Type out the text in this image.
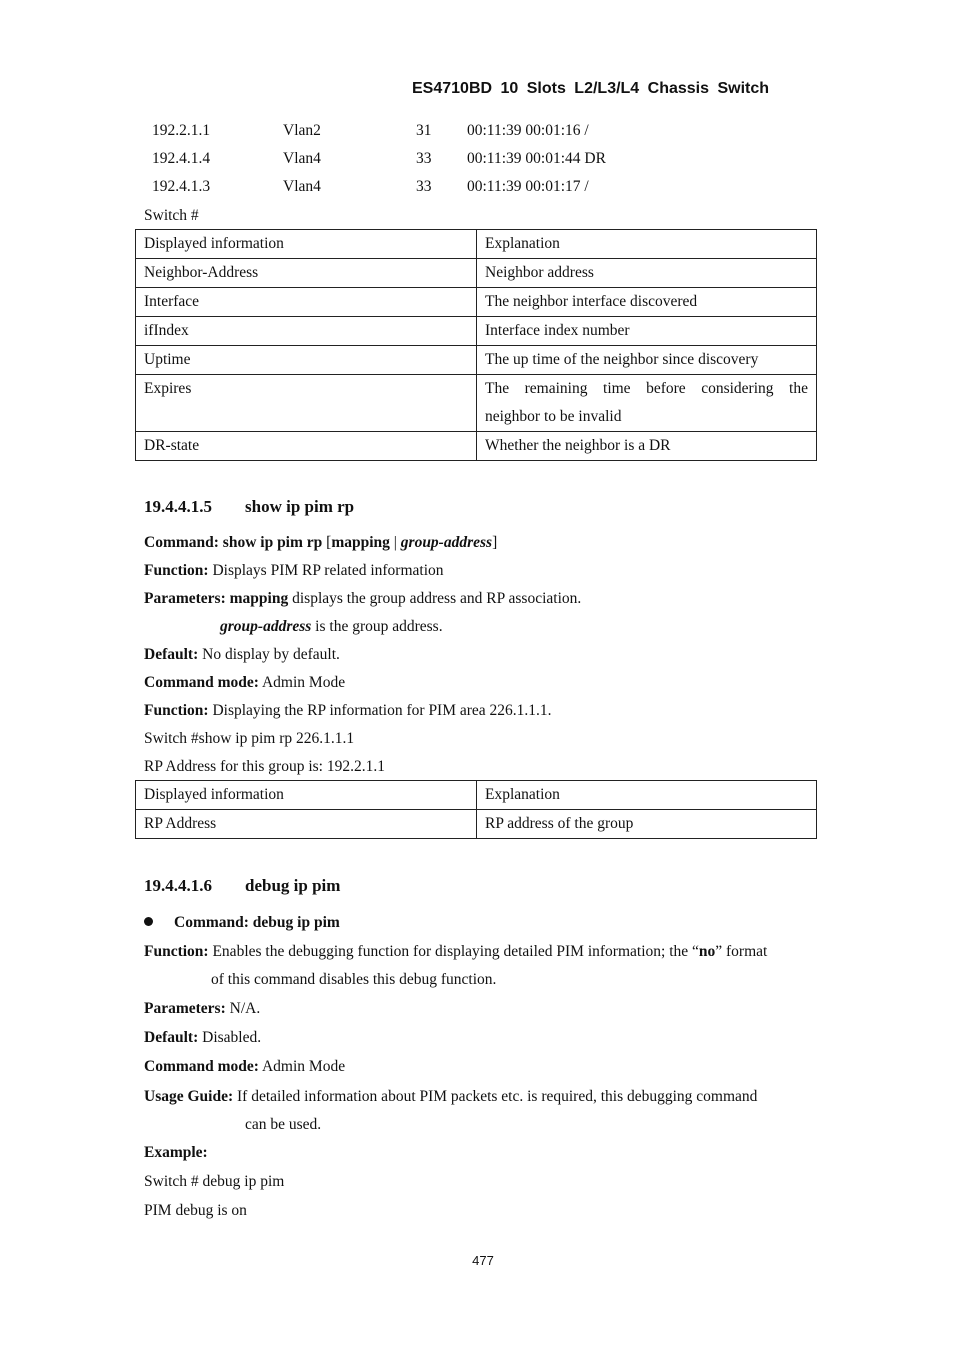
ES4710BD 10 Slots L2/L3/L4 Chassis Switch
192.2.1.1	Vlan2	31 00:11:39 00:01:16 /
192.4.1.4	Vlan4	33 00:11:39 00:01:44 DR
192.4.1.3	Vlan4	33 00:11:39 00:01:17 /
Switch #
Displayed information	Explanation
Neighbor-Address	Neighbor address
Interface	The neighbor interface discovered
ifIndex	Interface index number
Uptime	The up time of the neighbor since discovery
Expires	The remaining time before considering the neighbor to be invalid
DR-state	Whether the neighbor is a DR
19.4.4.1.5 show ip pim rp
Command: show ip pim rp [mapping | group-address]
Function: Displays PIM RP related information
Parameters: mapping displays the group address and RP association.
group-address is the group address.
Default: No display by default.
Command mode: Admin Mode
Function: Displaying the RP information for PIM area 226.1.1.1.
Switch #show ip pim rp 226.1.1.1
RP Address for this group is: 192.2.1.1
Displayed information	Explanation
RP Address	RP address of the group
19.4.4.1.6 debug ip pim
Command: debug ip pim
Function: Enables the debugging function for displaying detailed PIM information; the “no” format
of this command disables this debug function.
Parameters: N/A.
Default: Disabled.
Command mode: Admin Mode
Usage Guide: If detailed information about PIM packets etc. is required, this debugging command
can be used.
Example:
Switch # debug ip pim
PIM debug is on
477
